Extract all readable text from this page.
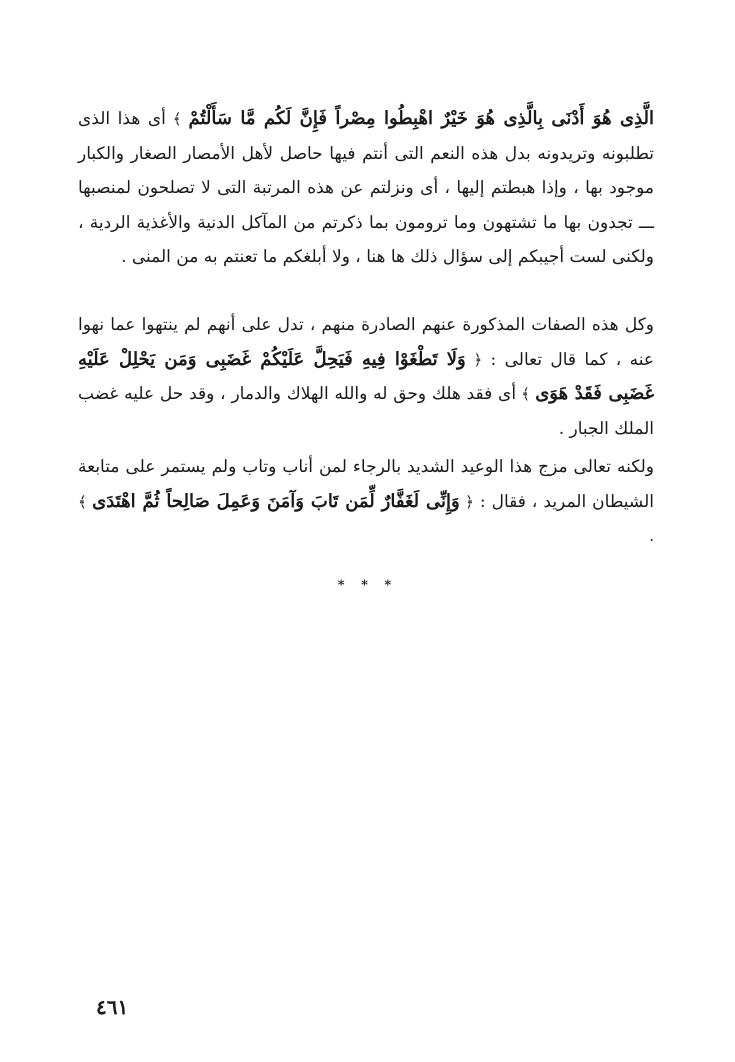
الَّذِى هُوَ أَدْنَى بِالَّذِى هُوَ خَيْرٌ اهْبِطُوا مِصْراً فَإِنَّ لَكُم مَّا سَأَلْتُمْ ﴾ أى هذا الذى تطلبونه وتريدونه بدل هذه النعم التى أنتم فيها حاصل لأهل الأمصار الصغار والكبار موجود بها ، وإذا هبطتم إليها ، أى ونزلتم عن هذه المرتبة التى لا تصلحون لمنصبها ـــ تجدون بها ما تشتهون وما ترومون بما ذكرتم من المآكل الدنية والأغذية الردية ، ولكنى لست أجيبكم إلى سؤال ذلك ها هنا ، ولا أبلغكم ما تعنتم به من المنى .
وكل هذه الصفات المذكورة عنهم الصادرة منهم ، تدل على أنهم لم ينتهوا عما نهوا عنه ، كما قال تعالى : ﴿ وَلَا تَطْغَوْا فِيهِ فَيَحِلَّ عَلَيْكُمْ غَضَبِى وَمَن يَحْلِلْ عَلَيْهِ غَضَبِى فَقَدْ هَوَى ﴾ أى فقد هلك وحق له والله الهلاك والدمار ، وقد حل عليه غضب الملك الجبار .
ولكنه تعالى مزج هذا الوعيد الشديد بالرجاء لمن أناب وتاب ولم يستمر على متابعة الشيطان المريد ، فقال : ﴿ وَإِنِّى لَغَفَّارٌ لِّمَن تَابَ وَآمَنَ وَعَمِلَ صَالِحاً ثُمَّ اهْتَدَى ﴾ .
* * *
٤٦١
